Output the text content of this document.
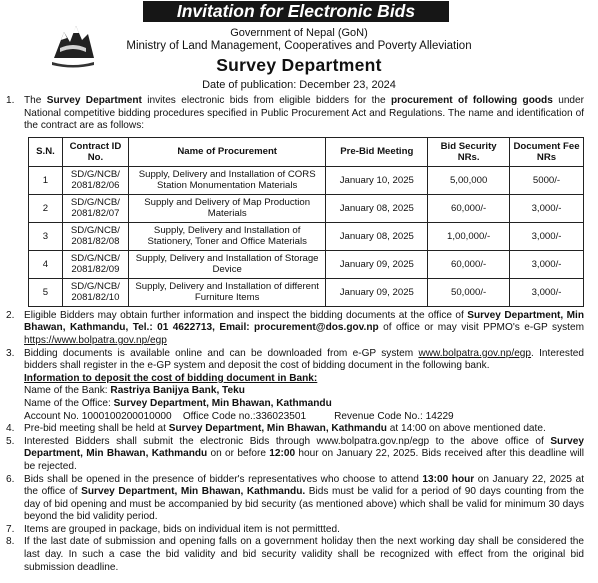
Invitation for Electronic Bids
Government of Nepal (GoN)
Ministry of Land Management, Cooperatives and Poverty Alleviation
Survey Department
Date of publication: December 23, 2024
1. The Survey Department invites electronic bids from eligible bidders for the procurement of following goods under National competitive bidding procedures specified in Public Procurement Act and Regulations. The name and identification of the contract are as follows:
S.N.	Contract ID No.	Name of Procurement	Pre-Bid Meeting	Bid Security NRs.	Document Fee NRs
1	SD/G/NCB/ 2081/82/06	Supply, Delivery and Installation of CORS Station Monumentation Materials	January 10, 2025	5,00,000	5000/-
2	SD/G/NCB/ 2081/82/07	Supply and Delivery of Map Production Materials	January 08, 2025	60,000/-	3,000/-
3	SD/G/NCB/ 2081/82/08	Supply, Delivery and Installation of Stationery, Toner and Office Materials	January 08, 2025	1,00,000/-	3,000/-
4	SD/G/NCB/ 2081/82/09	Supply, Delivery and Installation of Storage Device	January 09, 2025	60,000/-	3,000/-
5	SD/G/NCB/ 2081/82/10	Supply, Delivery and Installation of different Furniture Items	January 09, 2025	50,000/-	3,000/-
2. Eligible Bidders may obtain further information and inspect the bidding documents at the office of Survey Department, Min Bhawan, Kathmandu, Tel.: 01 4622713, Email: procurement@dos.gov.np of office or may visit PPMO's e-GP system https://www.bolpatra.gov.np/egp
3. Bidding documents is available online and can be downloaded from e-GP system www.bolpatra.gov.np/egp. Interested bidders shall register in the e-GP system and deposit the cost of bidding document in the following bank.
Information to deposit the cost of bidding document in Bank:
Name of the Bank: Rastriya Banijya Bank, Teku
Name of the Office: Survey Department, Min Bhawan, Kathmandu
Account No. 1000100200010000    Office Code no.:336023501          Revenue Code No.: 14229
4. Pre-bid meeting shall be held at Survey Department, Min Bhawan, Kathmandu at 14:00 on above mentioned date.
5. Interested Bidders shall submit the electronic Bids through www.bolpatra.gov.np/egp to the above office of Survey Department, Min Bhawan, Kathmandu on or before 12:00 hour on January 22, 2025. Bids received after this deadline will be rejected.
6. Bids shall be opened in the presence of bidder's representatives who choose to attend 13:00 hour on January 22, 2025 at the office of Survey Department, Min Bhawan, Kathmandu. Bids must be valid for a period of 90 days counting from the day of bid opening and must be accompanied by bid security (as mentioned above) which shall be valid for minimum 30 days beyond the bid validity period.
7. Items are grouped in package, bids on individual item is not permittted.
8. If the last date of submission and opening falls on a government holiday then the next working day shall be considered the last day. In such a case the bid validity and bid security validity shall be recognized with effect from the original bid submission deadline.
